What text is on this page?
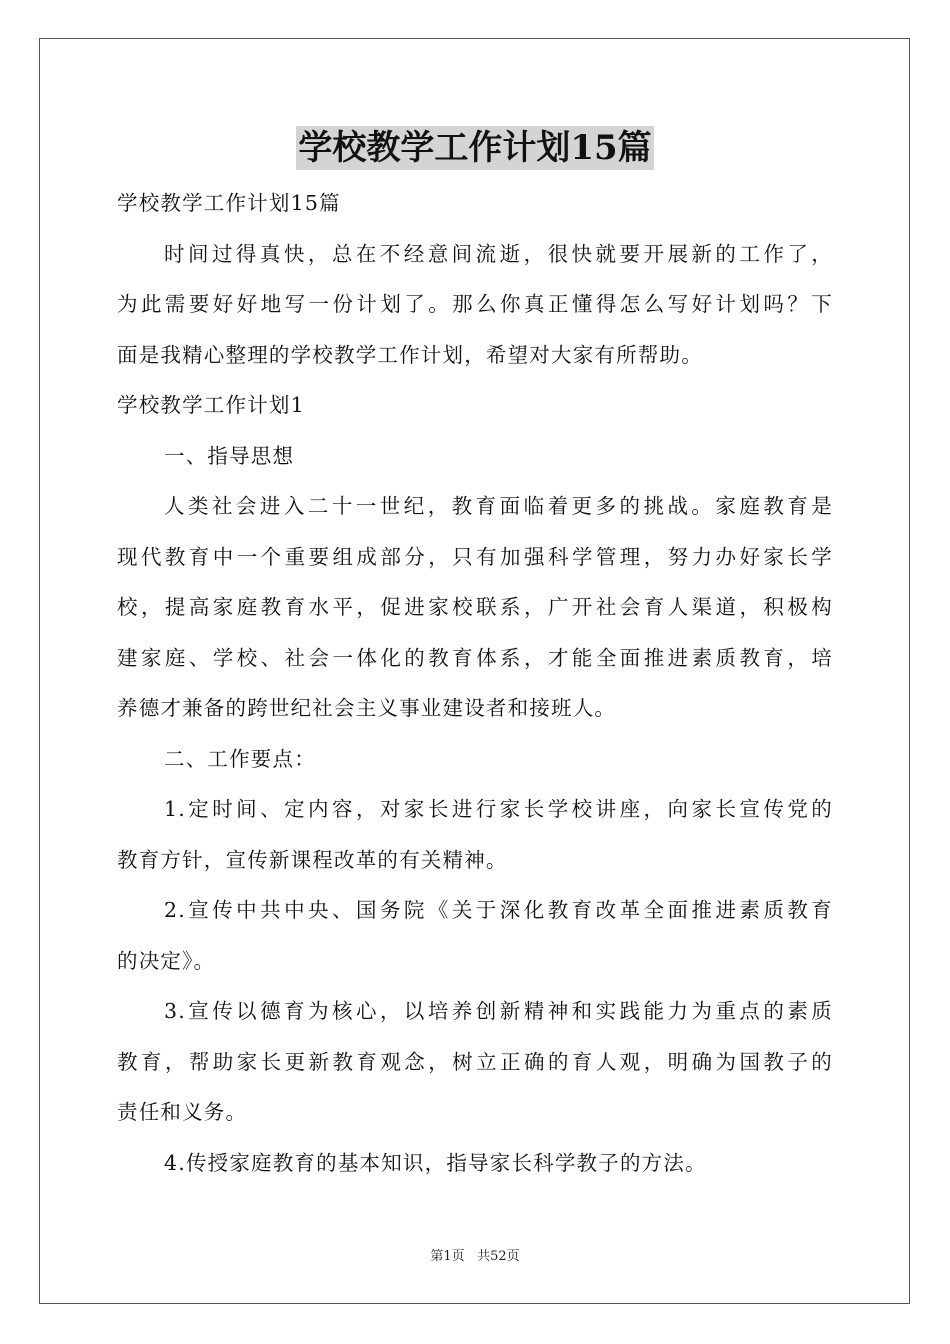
学校教学工作计划15篇
学校教学工作计划15篇
时间过得真快，总在不经意间流逝，很快就要开展新的工作了，
为此需要好好地写一份计划了。那么你真正懂得怎么写好计划吗？下
面是我精心整理的学校教学工作计划，希望对大家有所帮助。
学校教学工作计划1
一、指导思想
人类社会进入二十一世纪，教育面临着更多的挑战。家庭教育是
现代教育中一个重要组成部分，只有加强科学管理，努力办好家长学
校，提高家庭教育水平，促进家校联系，广开社会育人渠道，积极构
建家庭、学校、社会一体化的教育体系，才能全面推进素质教育，培
养德才兼备的跨世纪社会主义事业建设者和接班人。
二、工作要点：
1.定时间、定内容，对家长进行家长学校讲座，向家长宣传党的
教育方针，宣传新课程改革的有关精神。
2.宣传中共中央、国务院《关于深化教育改革全面推进素质教育
的决定》。
3.宣传以德育为核心，以培养创新精神和实践能力为重点的素质
教育，帮助家长更新教育观念，树立正确的育人观，明确为国教子的
责任和义务。
4.传授家庭教育的基本知识，指导家长科学教子的方法。
第1页 共52页
